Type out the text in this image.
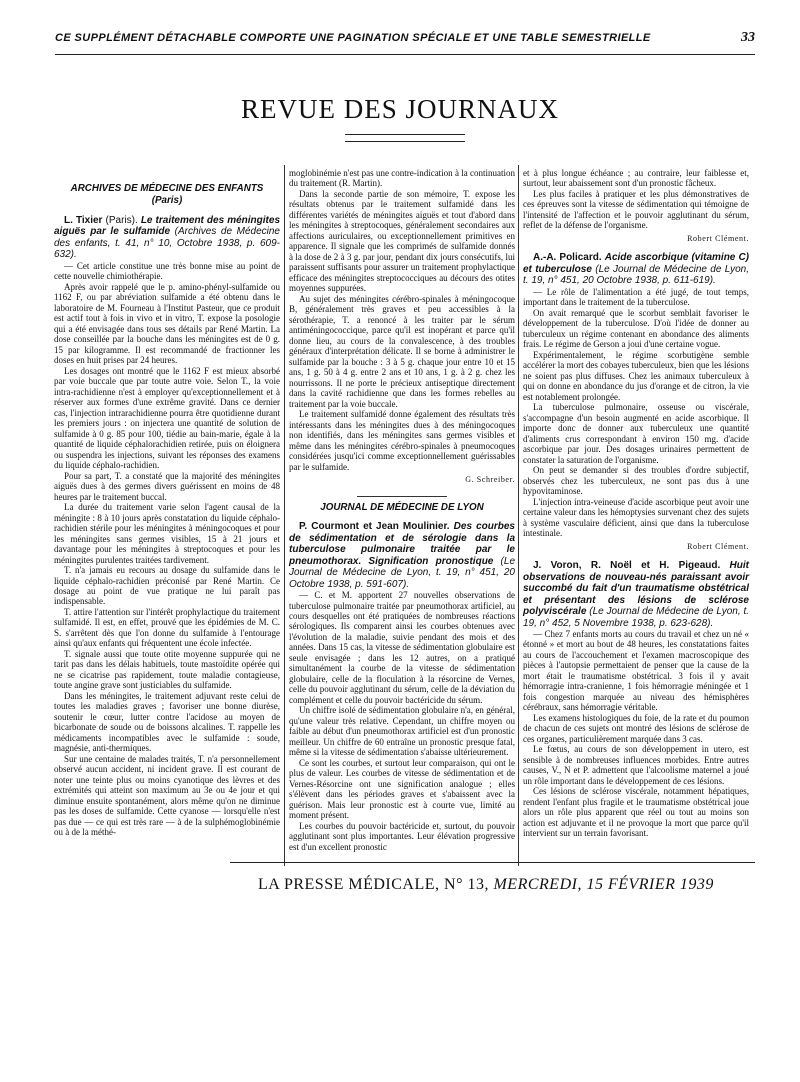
CE SUPPLÉMENT DÉTACHABLE COMPORTE UNE PAGINATION SPÉCIALE ET UNE TABLE SEMESTRIELLE	33
REVUE DES JOURNAUX
ARCHIVES DE MÉDECINE DES ENFANTS
(Paris)
L. Tixier (Paris). Le traitement des méningites aiguës par le sulfamide (Archives de Médecine des enfants, t. 41, n° 10, Octobre 1938, p. 609-632).

— Cet article constitue une très bonne mise au point de cette nouvelle chimiothérapie.

Après avoir rappelé que le p. amino-phényl-sulfamide ou 1162 F, ou par abréviation sulfamide a été obtenu dans le laboratoire de M. Fourneau à l'Institut Pasteur, que ce produit est actif tout à fois in vivo et in vitro, T. expose la posologie qui a été envisagée dans tous ses détails par René Martin. La dose conseillée par la bouche dans les méningites est de 0 g. 15 par kilogramme. Il est recommandé de fractionner les doses en huit prises par 24 heures.

Les dosages ont montré que le 1162 F est mieux absorbé par voie buccale que par toute autre voie. Selon T., la voie intra-rachidienne n'est à employer qu'exceptionnellement et à réserver aux formes d'une extrême gravité. Dans ce dernier cas, l'injection intrarachidienne pourra être quotidienne durant les premiers jours : on injectera une quantité de solution de sulfamide à 0 g. 85 pour 100, tiédie au bain-marie, égale à la quantité de liquide céphalorachidien retirée, puis on éloignera ou suspendra les injections, suivant les réponses des examens du liquide céphalo-rachidien.

Pour sa part, T. a constaté que la majorité des méningites aiguës dues à des germes divers guérissent en moins de 48 heures par le traitement buccal.

La durée du traitement varie selon l'agent causal de la méningite : 8 à 10 jours après constatation du liquide céphalo-rachidien stérile pour les méningites à méningocoques et pour les méningites sans germes visibles, 15 à 21 jours et davantage pour les méningites à streptocoques et pour les méningites purulentes traitées tardivement.

T. n'a jamais eu recours au dosage du sulfamide dans le liquide céphalo-rachidien préconisé par René Martin. Ce dosage au point de vue pratique ne lui paraît pas indispensable.

T. attire l'attention sur l'intérêt prophylactique du traitement sulfamidé. Il est, en effet, prouvé que les épidémies de M. C. S. s'arrêtent dès que l'on donne du sulfamide à l'entourage ainsi qu'aux enfants qui fréquentent une école infectée.

T. signale aussi que toute otite moyenne suppurée qui ne tarit pas dans les délais habituels, toute mastoïdite opérée qui ne se cicatrise pas rapidement, toute maladie contagieuse, toute angine grave sont justiciables du sulfamide.

Dans les méningites, le traitement adjuvant reste celui de toutes les maladies graves ; favoriser une bonne diurèse, soutenir le cœur, lutter contre l'acidose au moyen de bicarbonate de soude ou de boissons alcalines. T. rappelle les médicaments incompatibles avec le sulfamide : soude, magnésie, anti-thermiques.

Sur une centaine de malades traités, T. n'a personnellement observé aucun accident, ni incident grave. Il est courant de noter une teinte plus ou moins cyanotique des lèvres et des extrémités qui atteint son maximum au 3e ou 4e jour et qui diminue ensuite spontanément, alors même qu'on ne diminue pas les doses de sulfamide. Cette cyanose — lorsqu'elle n'est pas due — ce qui est très rare — à de la sulphémoglobinémie ou à de la méthé-

moglobinémie n'est pas une contre-indication à la continuation du traitement (R. Martin).

Dans la seconde partie de son mémoire, T. expose les résultats obtenus par le traitement sulfamidé dans les différentes variétés de méningites aiguës et tout d'abord dans les méningites à streptocoques, généralement secondaires aux affections auriculaires, ou exceptionnellement primitives en apparence. Il signale que les comprimés de sulfamide donnés à la dose de 2 à 3 g. par jour, pendant dix jours consécutifs, lui paraissent suffisants pour assurer un traitement prophylactique efficace des méningites streptococciques au décours des otites moyennes suppurées.

Au sujet des méningites cérébro-spinales à méningocoque B, généralement très graves et peu accessibles à la sérothérapie, T. a renoncé à les traiter par le sérum antiméningococcique, parce qu'il est inopérant et parce qu'il donne lieu, au cours de la convalescence, à des troubles généraux d'interprétation délicate. Il se borne à administrer le sulfamide par la bouche : 3 à 5 g. chaque jour entre 10 et 15 ans, 1 g. 50 à 4 g. entre 2 ans et 10 ans, 1 g. à 2 g. chez les nourrissons. Il ne porte le précieux antiseptique directement dans la cavité rachidienne que dans les formes rebelles au traitement par la voie buccale.

Le traitement sulfamidé donne également des résultats très intéressants dans les méningites dues à des méningocoques non identifiés, dans les méningites sans germes visibles et même dans les méningites cérébro-spinales à pneumocoques considérées jusqu'ici comme exceptionnellement guérissables par le sulfamide.

G. Schreiber.
JOURNAL DE MÉDECINE DE LYON
P. Courmont et Jean Moulinier. Des courbes de sédimentation et de sérologie dans la tuberculose pulmonaire traitée par le pneumothorax. Signification pronostique (Le Journal de Médecine de Lyon, t. 19, n° 451, 20 Octobre 1938, p. 591-607).

— C. et M. apportent 27 nouvelles observations de tuberculose pulmonaire traitée par pneumothorax artificiel, au cours desquelles ont été pratiquées de nombreuses réactions sérologiques. Ils comparent ainsi les courbes obtenues avec l'évolution de la maladie, suivie pendant des mois et des années. Dans 15 cas, la vitesse de sédimentation globulaire est seule envisagée ; dans les 12 autres, on a pratiqué simultanément la courbe de la vitesse de sédimentation globulaire, celle de la floculation à la résorcine de Vernes, celle du pouvoir agglutinant du sérum, celle de la déviation du complément et celle du pouvoir bactéricide du sérum.

Un chiffre isolé de sédimentation globulaire n'a, en général, qu'une valeur très relative. Cependant, un chiffre moyen ou faible au début d'un pneumothorax artificiel est d'un pronostic meilleur. Un chiffre de 60 entraîne un pronostic presque fatal, même si la vitesse de sédimentation s'abaisse ultérieurement.

Ce sont les courbes, et surtout leur comparaison, qui ont le plus de valeur. Les courbes de vitesse de sédimentation et de Vernes-Résorcine ont une signification analogue ; elles s'élèvent dans les périodes graves et s'abaissent avec la guérison. Mais leur pronostic est à courte vue, limité au moment présent.

Les courbes du pouvoir bactéricide et, surtout, du pouvoir agglutinant sont plus importantes. Leur élévation progressive est d'un excellent pronostic

et à plus longue échéance ; au contraire, leur faiblesse et, surtout, leur abaissement sont d'un pronostic fâcheux.

Les plus faciles à pratiquer et les plus démonstratives de ces épreuves sont la vitesse de sédimentation qui témoigne de l'intensité de l'affection et le pouvoir agglutinant du sérum, reflet de la défense de l'organisme.

Robert Clément.
A.-A. Policard. Acide ascorbique (vitamine C) et tuberculose (Le Journal de Médecine de Lyon, t. 19, n° 451, 20 Octobre 1938, p. 611-619).

— Le rôle de l'alimentation a été jugé, de tout temps, important dans le traitement de la tuberculose.

On avait remarqué que le scorbut semblait favoriser le développement de la tuberculose. D'où l'idée de donner au tuberculeux un régime contenant en abondance des aliments frais. Le régime de Gerson a joui d'une certaine vogue.

Expérimentalement, le régime scorbutigène semble accélérer la mort des cobayes tuberculeux, bien que les lésions ne soient pas plus diffuses. Chez les animaux tuberculeux à qui on donne en abondance du jus d'orange et de citron, la vie est notablement prolongée.

La tuberculose pulmonaire, osseuse ou viscérale, s'accompagne d'un besoin augmenté en acide ascorbique. Il importe donc de donner aux tuberculeux une quantité d'aliments crus correspondant à environ 150 mg. d'acide ascorbique par jour. Des dosages urinaires permettent de constater la saturation de l'organisme.

On peut se demander si des troubles d'ordre subjectif, observés chez les tuberculeux, ne sont pas dus à une hypovitaminose.

L'injection intra-veineuse d'acide ascorbique peut avoir une certaine valeur dans les hémoptysies survenant chez des sujets à système vasculaire déficient, ainsi que dans la tuberculose intestinale.

Robert Clément.
J. Voron, R. Noël et H. Pigeaud. Huit observations de nouveau-nés paraissant avoir succombé du fait d'un traumatisme obstétrical et présentant des lésions de sclérose polyviscérale (Le Journal de Médecine de Lyon, t. 19, n° 452, 5 Novembre 1938, p. 623-628).

— Chez 7 enfants morts au cours du travail et chez un né « étonné » et mort au bout de 48 heures, les constatations faites au cours de l'accouchement et l'examen macroscopique des pièces à l'autopsie permettaient de penser que la cause de la mort était le traumatisme obstétrical. 3 fois il y avait hémorragie intra-cranienne, 1 fois hémorragie méningée et 1 fois congestion marquée au niveau des hémisphères cérébraux, sans hémorragie véritable.

Les examens histologiques du foie, de la rate et du poumon de chacun de ces sujets ont montré des lésions de sclérose de ces organes, particulièrement marquée dans 3 cas.

Le fœtus, au cours de son développement in utero, est sensible à de nombreuses influences morbides. Entre autres causes, V., N et P. admettent que l'alcoolisme maternel a joué un rôle important dans le développement de ces lésions.

Ces lésions de sclérose viscérale, notamment hépatiques, rendent l'enfant plus fragile et le traumatisme obstétrical joue alors un rôle plus apparent que réel ou tout au moins son action est adjuvante et il ne provoque la mort que parce qu'il intervient sur un terrain favorisant.

LA PRESSE MÉDICALE, N° 13, MERCREDI, 15 FÉVRIER 1939
